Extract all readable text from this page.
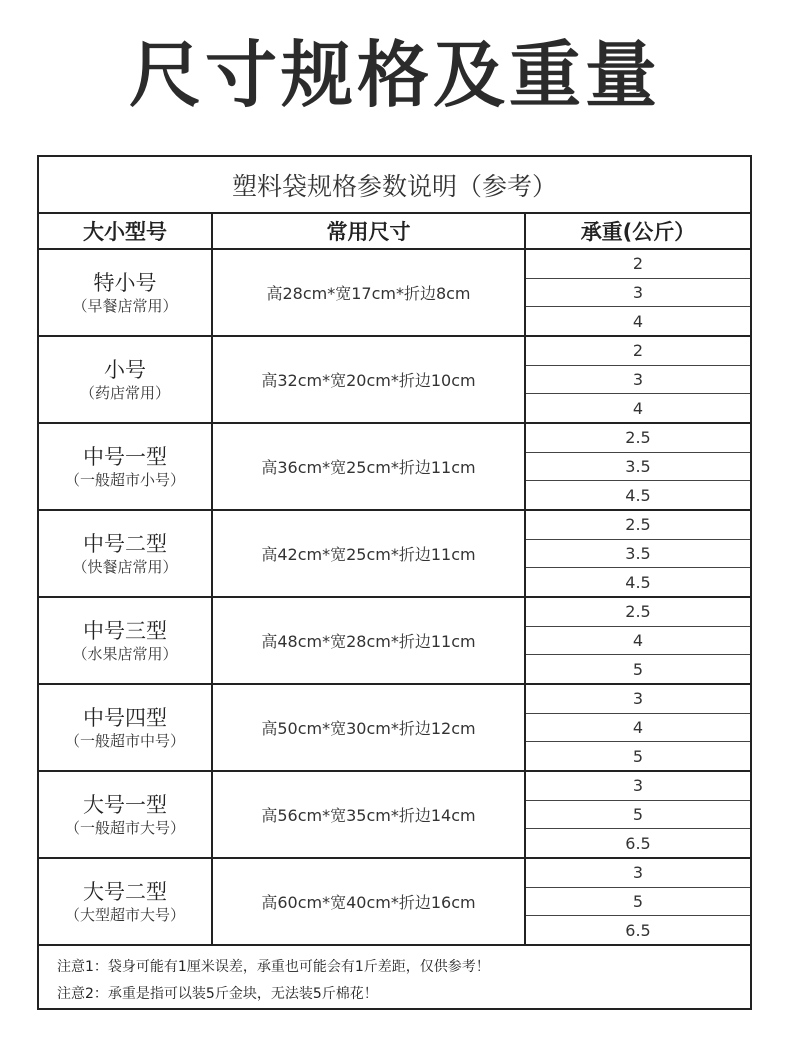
尺寸规格及重量
塑料袋规格参数说明（参考）
大小型号	常用尺寸	承重(公斤）
特小号
（早餐店常用）
高28cm*宽17cm*折边8cm
2
3
4
小号
（药店常用）
高32cm*宽20cm*折边10cm
2
3
4
中号一型
（一般超市小号）
高36cm*宽25cm*折边11cm
2.5
3.5
4.5
中号二型
（快餐店常用）
高42cm*宽25cm*折边11cm
2.5
3.5
4.5
中号三型
（水果店常用）
高48cm*宽28cm*折边11cm
2.5
4
5
中号四型
（一般超市中号）
高50cm*宽30cm*折边12cm
3
4
5
大号一型
（一般超市大号）
高56cm*宽35cm*折边14cm
3
5
6.5
大号二型
（大型超市大号）
高60cm*宽40cm*折边16cm
3
5
6.5
注意1：袋身可能有1厘米误差，承重也可能会有1斤差距，仅供参考！
注意2：承重是指可以装5斤金块，无法装5斤棉花！
